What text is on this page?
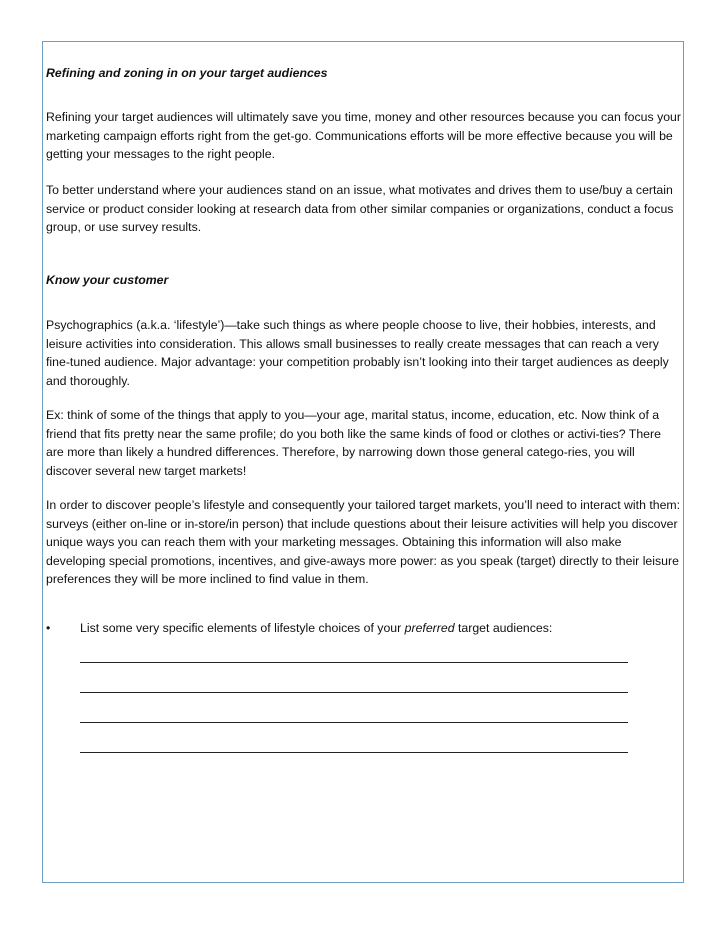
Refining and zoning in on your target audiences

Refining your target audiences will ultimately save you time, money and other resources because you can focus your marketing campaign efforts right from the get-go. Communications efforts will be more effective because you will be getting your messages to the right people.

To better understand where your audiences stand on an issue, what motivates and drives them to use/buy a certain service or product consider looking at research data from other similar companies or organizations, conduct a focus group, or use survey results.

Know your customer

Psychographics (a.k.a. ‘lifestyle’)—take such things as where people choose to live, their hobbies, interests, and leisure activities into consideration. This allows small businesses to really create messages that can reach a very fine-tuned audience. Major advantage: your competition probably isn’t looking into their target audiences as deeply and thoroughly.

Ex: think of some of the things that apply to you—your age, marital status, income, education, etc. Now think of a friend that fits pretty near the same profile; do you both like the same kinds of food or clothes or activi-ties? There are more than likely a hundred differences. Therefore, by narrowing down those general catego-ries, you will discover several new target markets!

In order to discover people’s lifestyle and consequently your tailored target markets, you’ll need to interact with them: surveys (either on-line or in-store/in person) that include questions about their leisure activities will help you discover unique ways you can reach them with your marketing messages. Obtaining this information will also make developing special promotions, incentives, and give-aways more power: as you speak (target) directly to their leisure preferences they will be more inclined to find value in them.

• List some very specific elements of lifestyle choices of your preferred target audiences:
